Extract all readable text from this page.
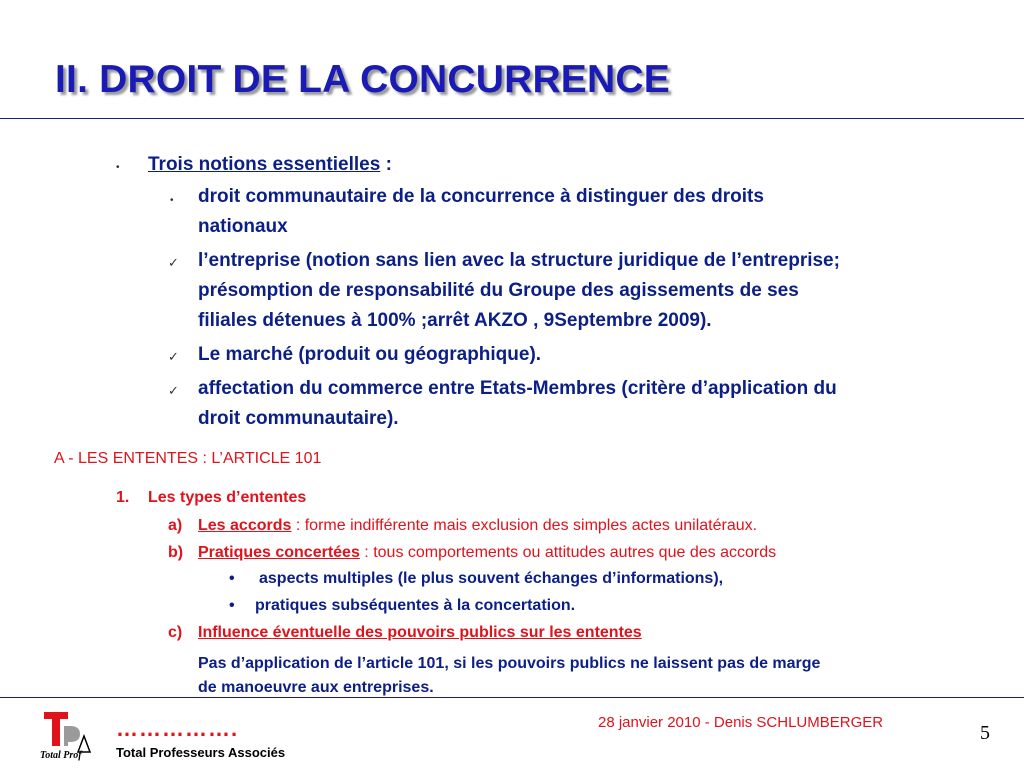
II. DROIT DE LA CONCURRENCE
• Trois notions essentielles :
• droit communautaire de la concurrence à distinguer des droits
nationaux
✓ l’entreprise (notion sans lien avec la structure juridique de l’entreprise;
présomption de responsabilité du Groupe des agissements de ses
filiales détenues à 100% ;arrêt AKZO , 9Septembre 2009).
✓ Le marché (produit ou géographique).
✓ affectation du commerce entre Etats-Membres (critère d’application du
droit communautaire).
A - LES ENTENTES : L’ARTICLE 101
1. Les types d’ententes
a) Les accords : forme indifférente mais exclusion des simples actes unilatéraux.
b) Pratiques concertées : tous comportements ou attitudes autres que des accords
• aspects multiples (le plus souvent échanges d’informations),
• pratiques subséquentes à la concertation.
c) Influence éventuelle des pouvoirs publics sur les ententes
Pas d’application de l’article 101, si les pouvoirs publics ne laissent pas de marge
de manoeuvre aux entreprises.
Total Prof
…………….
Total Professeurs Associés
28 janvier 2010 - Denis SCHLUMBERGER	5
